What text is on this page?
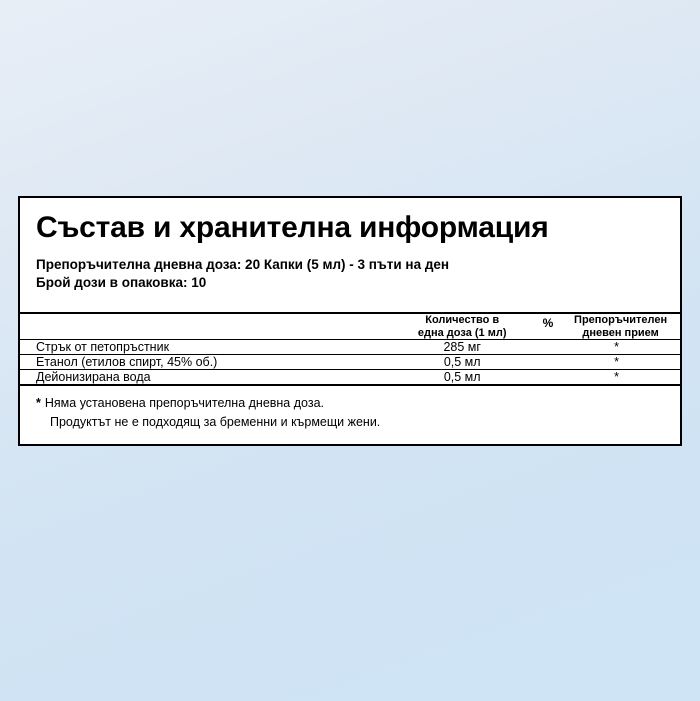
Състав и хранителна информация
Препоръчителна дневна доза: 20 Капки (5 мл) - 3 пъти на ден
Брой дози в опаковка: 10

Количество в
една доза (1 мл)
	%	Препоръчителен
дневен прием

Стрък от петопръстник	285 мг		*
Етанол (етилов спирт, 45% об.)	0,5 мл		*
Дейонизирана вода	0,5 мл		*
* Няма установена препоръчителна дневна доза.
Продуктът не е подходящ за бременни и кърмещи жени.
